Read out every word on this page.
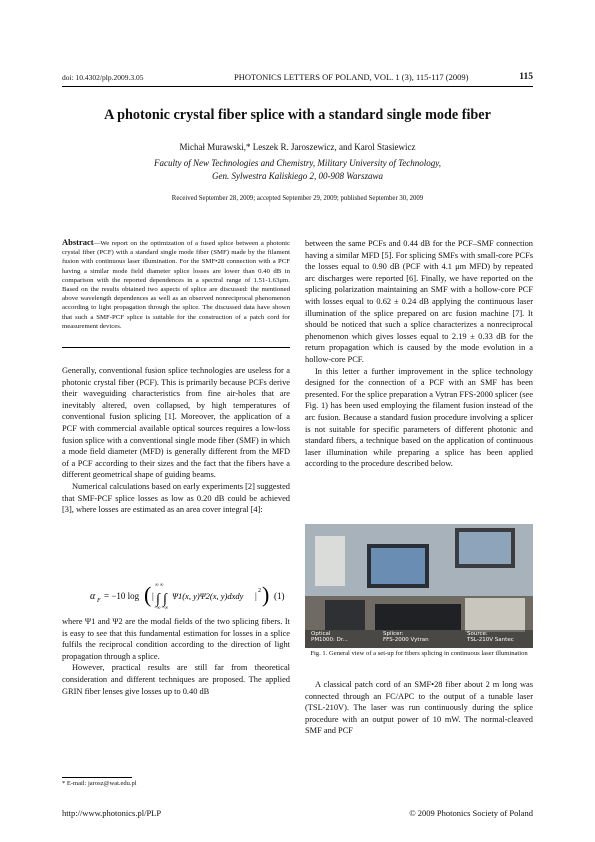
doi: 10.4302/plp.2009.3.05	PHOTONICS LETTERS OF POLAND, VOL. 1 (3), 115-117 (2009)	115
A photonic crystal fiber splice with a standard single mode fiber
Michał Murawski,* Leszek R. Jaroszewicz, and Karol Stasiewicz
Faculty of New Technologies and Chemistry, Military University of Technology,
Gen. Sylwestra Kaliskiego 2, 00-908 Warszawa
Received September 28, 2009; accepted September 29, 2009; published September 30, 2009
Abstract—We report on the optimization of a fused splice between a photonic crystal fiber (PCF) with a standard single mode fiber (SMF) made by the filament fusion with continuous laser illumination. For the SMF•28 connection with a PCF having a similar mode field diameter splice losses are lower than 0.40 dB in comparison with the reported dependences in a spectral range of 1.51-1.63μm. Based on the results obtained two aspects of splice are discussed: the mentioned above wavelength dependences as well as an observed nonreciprocal phenomenon according to light propagation through the splice. The discussed data have shown that such a SMF-PCF splice is suitable for the construction of a patch cord for measurement devices.

Generally, conventional fusion splice technologies are useless for a photonic crystal fiber (PCF). This is primarily because PCFs derive their waveguiding characteristics from fine air-holes that are inevitably altered, oven collapsed, by high temperatures of conventional fusion splicing [1]. Moreover, the application of a PCF with commercial available optical sources requires a low-loss fusion splice with a conventional single mode fiber (SMF) in which a mode field diameter (MFD) is generally different from the MFD of a PCF according to their sizes and the fact that the fibers have a different geometrical shape of guiding beams.

Numerical calculations based on early experiments [2] suggested that SMF-PCF splice losses as low as 0.20 dB could be achieved [3], where losses are estimated as an area cover integral [4]:

α F = −10 log ( | ∫ ∫
∞ ∞
−∞ −∞
Ψ1(x, y)Ψ2(x, y)dxdy | 2 ) (1)

where Ψ1 and Ψ2 are the modal fields of the two splicing fibers. It is easy to see that this fundamental estimation for losses in a splice fulfils the reciprocal condition according to the direction of light propagation through a splice.

However, practical results are still far from theoretical consideration and different techniques are proposed. The applied GRIN fiber lenses give losses up to 0.40 dB

* E-mail: jarosz@wat.edu.pl

between the same PCFs and 0.44 dB for the PCF–SMF connection having a similar MFD [5]. For splicing SMFs with small-core PCFs the losses equal to 0.90 dB (PCF with 4.1 μm MFD) by repeated arc discharges were reported [6]. Finally, we have reported on the splicing polarization maintaining an SMF with a hollow-core PCF with losses equal to 0.62 ± 0.24 dB applying the continuous laser illumination of the splice prepared on arc fusion machine [7]. It should be noticed that such a splice characterizes a nonreciprocal phenomenon which gives losses equal to 2.19 ± 0.33 dB for the return propagation which is caused by the mode evolution in a hollow-core PCF.

In this letter a further improvement in the splice technology designed for the connection of a PCF with an SMF has been presented. For the splice preparation a Vytran FFS-2000 splicer (see Fig. 1) has been used employing the filament fusion instead of the arc fusion. Because a standard fusion procedure involving a splicer is not suitable for specific parameters of different photonic and standard fibers, a technique based on the application of continuous laser illumination while preparing a splice has been applied according to the procedure described below.

Optical
PM1000: Dr...
Splicer:
FFS-2000 Vytran
Source:
TSL-210V Santec
Fig. 1. General view of a set-up for fibers splicing in continuous laser illumination

A classical patch cord of an SMF•28 fiber about 2 m long was connected through an FC/APC to the output of a tunable laser (TSL-210V). The laser was run continuously during the splice procedure with an output power of 10 mW. The normal-cleaved SMF and PCF

http://www.photonics.pl/PLP	© 2009 Photonics Society of Poland
